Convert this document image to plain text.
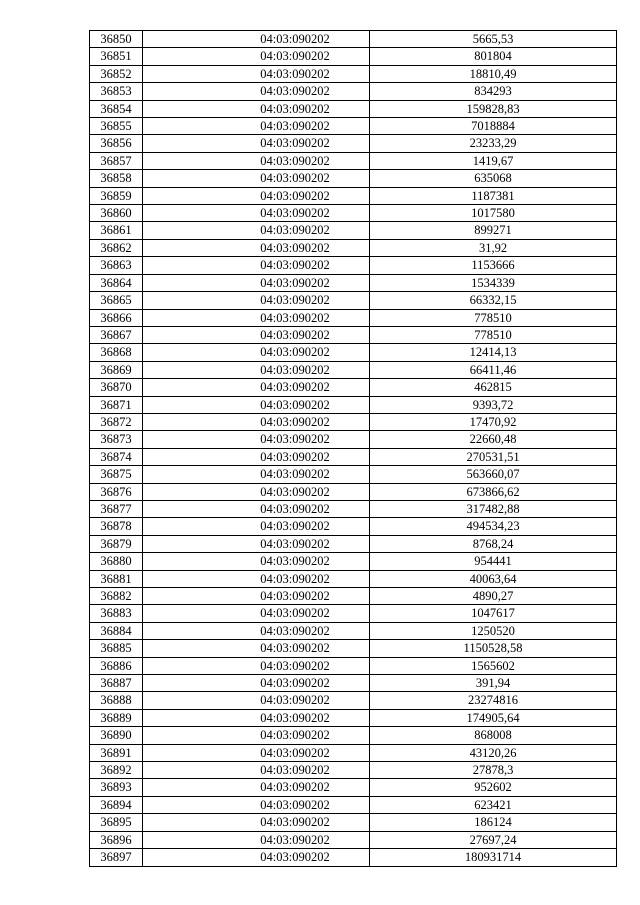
36850	04:03:090202	5665,53
36851	04:03:090202	801804
36852	04:03:090202	18810,49
36853	04:03:090202	834293
36854	04:03:090202	159828,83
36855	04:03:090202	7018884
36856	04:03:090202	23233,29
36857	04:03:090202	1419,67
36858	04:03:090202	635068
36859	04:03:090202	1187381
36860	04:03:090202	1017580
36861	04:03:090202	899271
36862	04:03:090202	31,92
36863	04:03:090202	1153666
36864	04:03:090202	1534339
36865	04:03:090202	66332,15
36866	04:03:090202	778510
36867	04:03:090202	778510
36868	04:03:090202	12414,13
36869	04:03:090202	66411,46
36870	04:03:090202	462815
36871	04:03:090202	9393,72
36872	04:03:090202	17470,92
36873	04:03:090202	22660,48
36874	04:03:090202	270531,51
36875	04:03:090202	563660,07
36876	04:03:090202	673866,62
36877	04:03:090202	317482,88
36878	04:03:090202	494534,23
36879	04:03:090202	8768,24
36880	04:03:090202	954441
36881	04:03:090202	40063,64
36882	04:03:090202	4890,27
36883	04:03:090202	1047617
36884	04:03:090202	1250520
36885	04:03:090202	1150528,58
36886	04:03:090202	1565602
36887	04:03:090202	391,94
36888	04:03:090202	23274816
36889	04:03:090202	174905,64
36890	04:03:090202	868008
36891	04:03:090202	43120,26
36892	04:03:090202	27878,3
36893	04:03:090202	952602
36894	04:03:090202	623421
36895	04:03:090202	186124
36896	04:03:090202	27697,24
36897	04:03:090202	180931714
